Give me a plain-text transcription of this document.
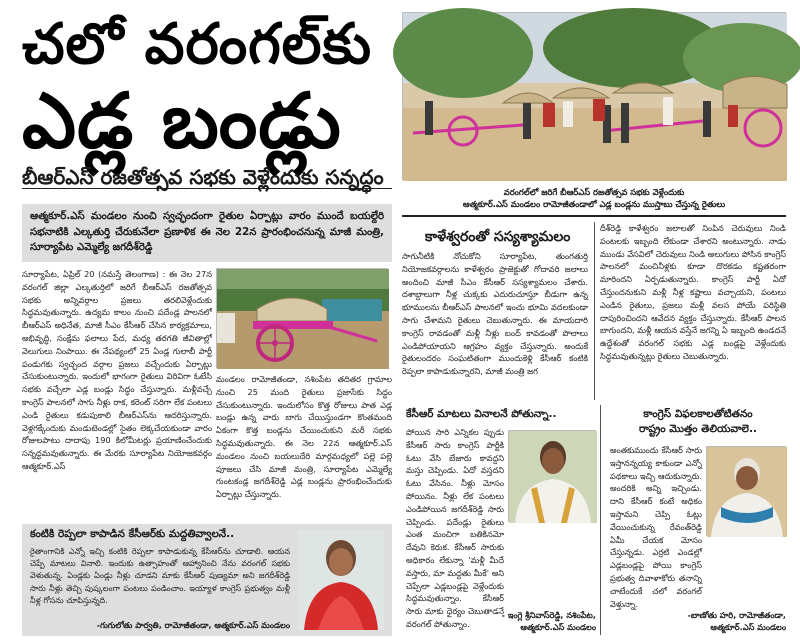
చలో వరంగల్‌కు
ఎడ్ల బండ్లు
బీఆర్ఎస్ రజతోత్సవ సభకు వెళ్లేందుకు సన్నద్ధం
ఆత్మకూర్.ఎస్ మండలం నుంచి స్వచ్ఛందంగా రైతుల ఏర్పాట్లు వారం ముందే బయల్దేరి సభనాటికి ఎల్కతుర్తి చేరుకునేలా ప్రణాళిక ఈ నెల 22న ప్రారంభించనున్న మాజీ మంత్రి, సూర్యాపేట ఎమ్మెల్యే జగదీశ్‌రెడ్డి
సూర్యాపేట, ఏప్రిల్ 20 (నమస్తే తెలంగాణ) : ఈ నెల 27న వరంగల్ జిల్లా ఎల్కతుర్తిలో జరిగే బీఆర్ఎస్ రజతోత్సవ సభకు అన్నివర్గాల ప్రజలు తరలివెళ్లేందుకు సిద్ధమవుతున్నారు. ఉద్యమ కాలం నుంచి పదేండ్ల పాలనలో బీఆర్ఎస్ అధినేత, మాజీ సీఎం కేసీఆర్ చేసిన కార్యక్రమాలు, అభివృద్ధి, సంక్షేమ ఫలాలు పేద, మధ్య తరగతి జీవితాల్లో వెలుగులు నింపాయి. ఈ నేపథ్యంలో 25 ఏండ్ల గులాబీ పార్టీ పండుగకు స్వచ్ఛంద వర్గాల ప్రజలు వచ్చేందుకు ఏర్పాట్లు చేసుకుంటున్నారు. ఇందులో భాగంగా రైతులు విరివిగా ఓటేసి సభకు వచ్చేలా ఎడ్ల బండ్లు సిద్ధం చేస్తున్నారు. మళ్లీవచ్చే కాంగ్రెస్ పాలనలో సాగు నీళ్లు రాక, కరెంట్ సరిగా లేక పంటలు ఎండి రైతులు కడుపుకాలి బీఆర్ఎస్‌ను ఆదరిస్తున్నారు. వెళ్లగక్కేందుకు మండుటెండల్లో సైతం లెక్కచేయకుండా వారం రోజులపాటు దాదాపు 190 కిలోమీటర్లు ప్రయాణించేందుకు సన్నద్ధమవుతున్నారు. ఈ మేరకు సూర్యాపేట నియోజకవర్గం ఆత్మకూర్.ఎస్
మండలం రామోజీతండా, నశింపేట తదితర గ్రామాల నుంచి 25 మంది రైతులు ప్రజాసేకు సిద్ధం చేసుకుంటున్నారు. ఇందులోసం కొత్త రోజులు పాత ఎడ్ల బండ్లు ఉన్న వారు బాగు చేయిస్తుండగా కొంతమంది ఏకంగా కొత్త బండ్లను చేయించుకుని మరీ సభకు సిద్ధమవుతున్నారు. ఈ నెల 22న ఆత్మకూర్.ఎస్ మండలం నుంచి బయలుదేరి మార్గమధ్యలో పల్లె పల్లె పూజలు చేసి మాజీ మంత్రి, సూర్యాపేట ఎమ్మెల్యే గుంటకండ్ల జగదీశ్‌రెడ్డి ఎడ్ల బండ్లను ప్రారంభించేందుకు ఏర్పాట్లు చేస్తున్నారు.
వరంగల్‌లో జరిగే బీఆర్ఎస్ రజతోత్సవ సభకు వెళ్లేందుకు
ఆత్మకూర్.ఎస్ మండలం రామోజీతండాలో ఎడ్ల బండ్లను ముస్తాబు చేస్తున్న రైతులు
కాళేశ్వరంతో సస్యశ్యామలం
సాగునీటికి నోచుకోని సూర్యాపేట, తుంగతుర్తి నియోజకవర్గాలను కాళేశ్వరం ప్రాజెక్టుతో గోదావరి జలాలు అందించి మాజీ సీఎం కేసీఆర్ సస్యశ్యామలం చేశారు. దశాబ్దాలుగా నీళ్ల చుక్కకు ఎదురుచూస్తూ బీడుగా ఉన్న భూములను బీఆర్ఎస్ పాలనలో ఇంచు భూమి వదలకుండా సాగు చేశామని రైతులు చెబుతున్నారు. ఈ మాయదారి కాంగ్రెస్ రావడంతో మళ్లీ నీళ్లు బంద్ కావడంతో పొలాలు ఎండిపోయాయని ఆగ్రహం వ్యక్తం చేస్తున్నారు. అందుకే రైతులందరం సంఘటితంగా ముందుకెళ్లి కేసీఆర్ కంటికి రెప్పలా కాపాడుకున్నారని, మాజీ మంత్రి జగ
దీశ్‌రెడ్డి కాళేశ్వరం జలాలతో నింపిన చెరువులు నిండి పంటలకు ఇబ్బంది లేకుండా చేశారని అంటున్నారు. నాడు ముండు వేసవిలో చెరువులు నిండి అలుగులు పోసిన కాంగ్రెస్ పాలనలో మంచినీళ్లకు కూడా దొరకడం కష్టతరంగా మారిందని ఏర్పడుతున్నారు. కాంగ్రెస్ పార్టీ ఏదో చేస్తుందనుకుని మళ్లీ నీళ్ల కష్టాలు వచ్చాయని, పంటలు ఎండిన రైతులు, ప్రజలు మళ్లీ వలస పోయే పరిస్థితి దాపురించిందని ఆవేదన వ్యక్తం చేస్తున్నారు. కేసీఆర్ పాలన బాగుందని, మళ్లీ ఆయన వస్తేనే జగన్ని ఏ ఇబ్బంది ఉండదనే ఉద్దేశంతో వరంగల్ సభకు ఎడ్ల బండ్లపై వెళ్లేందుకు సిద్ధమవుతున్నట్లు రైతులు చెబుతున్నారు.
కంటికి రెప్పలా కాపాడిన కేసీఆర్‌కు మద్దతివ్వాలనే..
రైతాంగానికి ఎన్నో ఇచ్చి కంటికి రెప్పలా కాపాడుకున్న కేసీఆర్‌ను చూడాలి. ఆయన చెప్పే మాటలు వినాలి. ఇందుకు ఉత్సాహంతో ఆహ్వానించి నేను వరంగల్ సభకు వెళుతున్న. ఏండ్లకు ఏండ్లు నీళ్లు చూడని మాకు కేసీఆర్ పుణ్యమా అని జగదీశ్‌రెడ్డి సారు నీళ్లు తెచ్చి పుష్కలంగా పంటలు పండించాం. ఇయ్యాళ కాంగ్రెస్ ప్రభుత్వం మళ్లీ నీళ్ల గోసను చూపిస్తున్నది.
-గుగులోతు పార్వతి, రామోజీతండా, ఆత్మకూర్.ఎస్ మండలం
కేసీఆర్ మాటలు వినాలనే పోతున్నా..
పోయిన సారి ఎన్నికల ప్పుడు కేసీఆర్ సారు కాంగ్రెస్ పార్టీకి ఓటు వేసి బేజారు కావద్దని మస్తు చెప్పిండు. ఏదో వస్తదని ఓటు వేసినం. నీళ్లు మోసం పోయినం. నీళ్లు లేక పంటలు ఎండిపోయిన జగదీశ్‌రెడ్డి సారు చెప్పిండు. పదేండ్లు రైతులు ఎంత మంచిగా బతికినమో దేవుని కెరుక. కేసీఆర్ సారుకు అధికారం లేకున్నా 'మళ్లీ మీదే వస్తారు, మా మద్దతు మీకే' అని చెప్పేలా ఎడ్లబండ్లపై వెళ్లేందుకు సిద్ధమవుతున్నాం. కేసీఆర్ సారు మాకు ధైర్యం చెబుతాడనే వరంగల్ పోతున్నాం.
- ఇంగ్లె శ్రీనివాస్‌రెడ్డి, నశింపేట,
ఆత్మకూర్.ఎస్ మండలం
కాంగ్రెస్ విఫలకాలతోటితనం
రాష్ట్రం మొత్తం తెలియవాలె..
అంతకుముందు కేసీఆర్ సారు ఇస్తానన్నయ్య కాకుండా ఎన్నో పథకాలు ఇచ్చి ఆదుకున్నారు. అందరికి అన్ని ఇచ్చిండు. దాని కేసీఆర్ కంటే అధికం ఇస్తామని చెప్పి ఓట్లు వేయించుకున్న రేవంత్‌రెడ్డి ఏమీ చేయక మోసం చేస్తున్నడు. ఎర్రటి ఎండల్లో ఎడ్లబండ్లపై పోయి కాంగ్రెస్ ప్రభుత్వ దివాళాకోరు తనాన్ని చాటేందుకే చలో వరంగల్ వెళ్తున్నా.
-బాణోతు హరి, రామోజీతండా,
ఆత్మకూర్.ఎస్ మండలం
